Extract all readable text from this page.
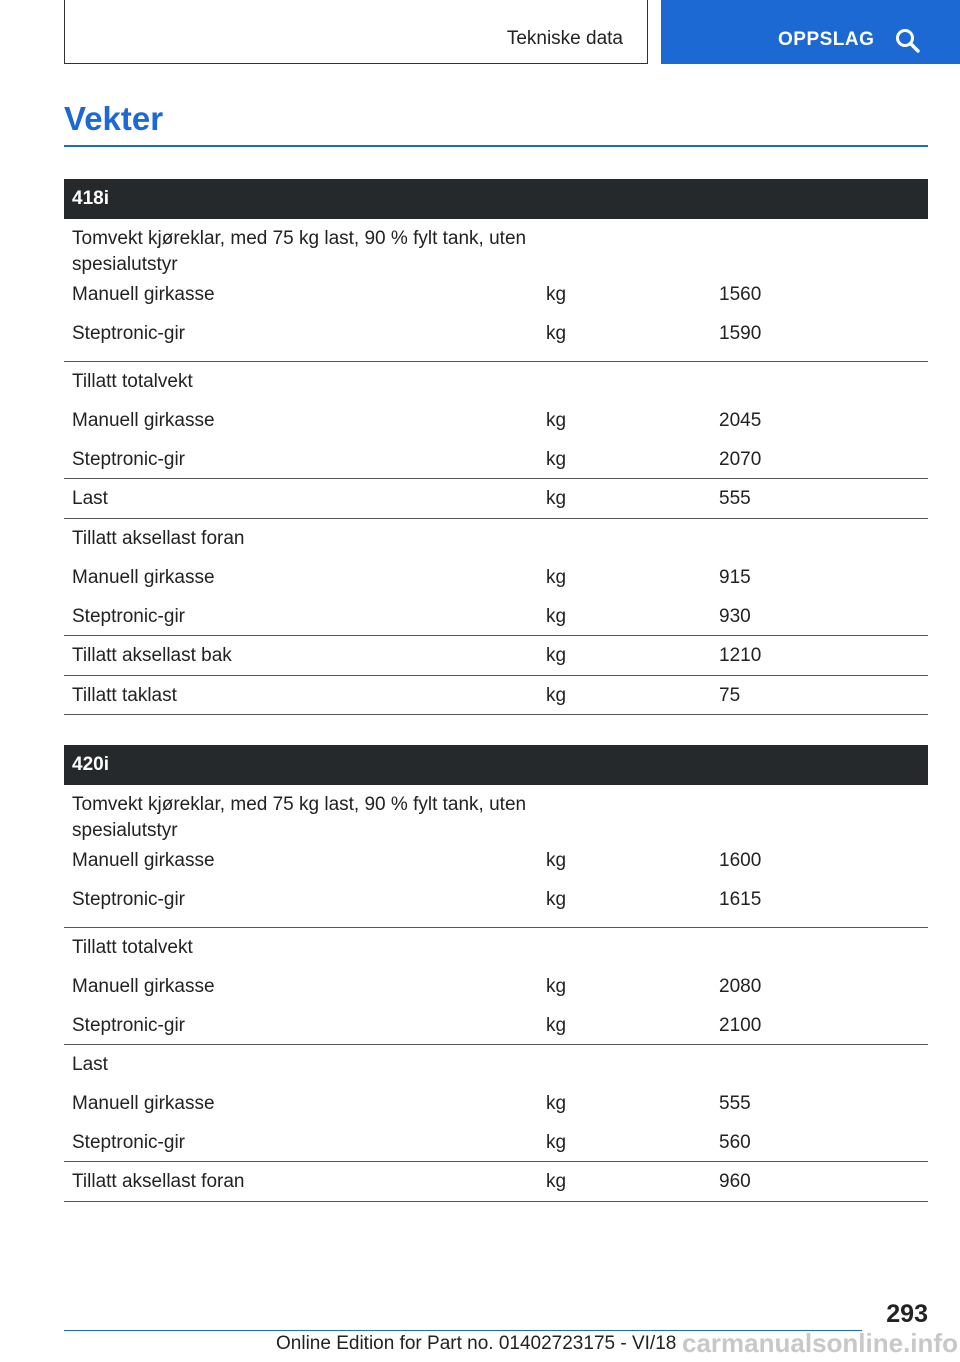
Tekniske data	OPPSLAG
Vekter
418i
Tomvekt kjøreklar, med 75 kg last, 90 % fylt tank, uten spesialutstyr
Manuell girkasse	kg	1560
Steptronic-gir	kg	1590
Tillatt totalvekt
Manuell girkasse	kg	2045
Steptronic-gir	kg	2070
Last	kg	555
Tillatt aksellast foran
Manuell girkasse	kg	915
Steptronic-gir	kg	930
Tillatt aksellast bak	kg	1210
Tillatt taklast	kg	75
420i
Tomvekt kjøreklar, med 75 kg last, 90 % fylt tank, uten spesialutstyr
Manuell girkasse	kg	1600
Steptronic-gir	kg	1615
Tillatt totalvekt
Manuell girkasse	kg	2080
Steptronic-gir	kg	2100
Last
Manuell girkasse	kg	555
Steptronic-gir	kg	560
Tillatt aksellast foran	kg	960
293
Online Edition for Part no. 01402723175 - VI/18 carmanualsonline.info
